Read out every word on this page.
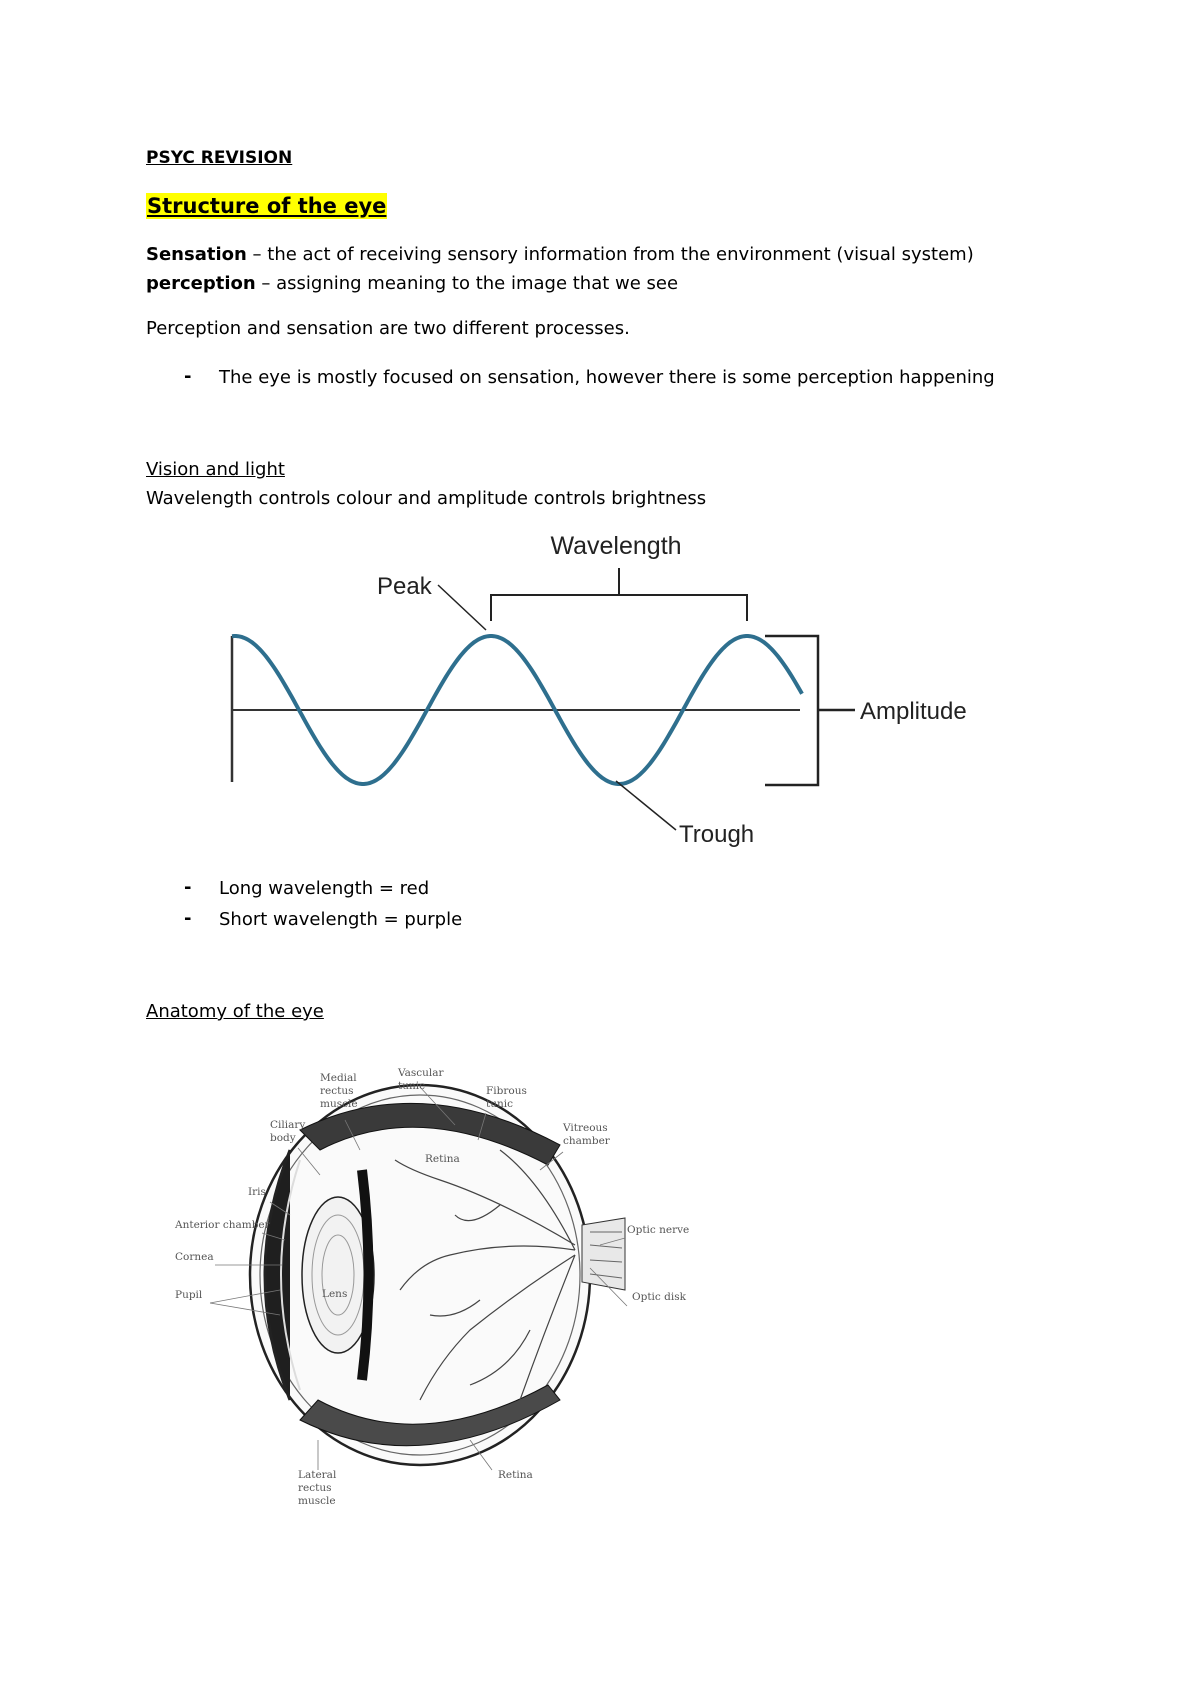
PSYC REVISION
Structure of the eye
Sensation – the act of receiving sensory information from the environment (visual system)
perception – assigning meaning to the image that we see
Perception and sensation are two different processes.
- The eye is mostly focused on sensation, however there is some perception happening
Vision and light
Wavelength controls colour and amplitude controls brightness
Wavelength
Peak
Amplitude
Trough
- Long wavelength = red
- Short wavelength = purple
Anatomy of the eye
Medial rectus muscle
Vascular tunic	Fibrous tunic
Ciliary body
Vitreous chamber
Retina
Iris
Anterior chamber
Cornea
Pupil	Lens
Optic nerve
Optic disk
Lateral rectus muscle
Retina
